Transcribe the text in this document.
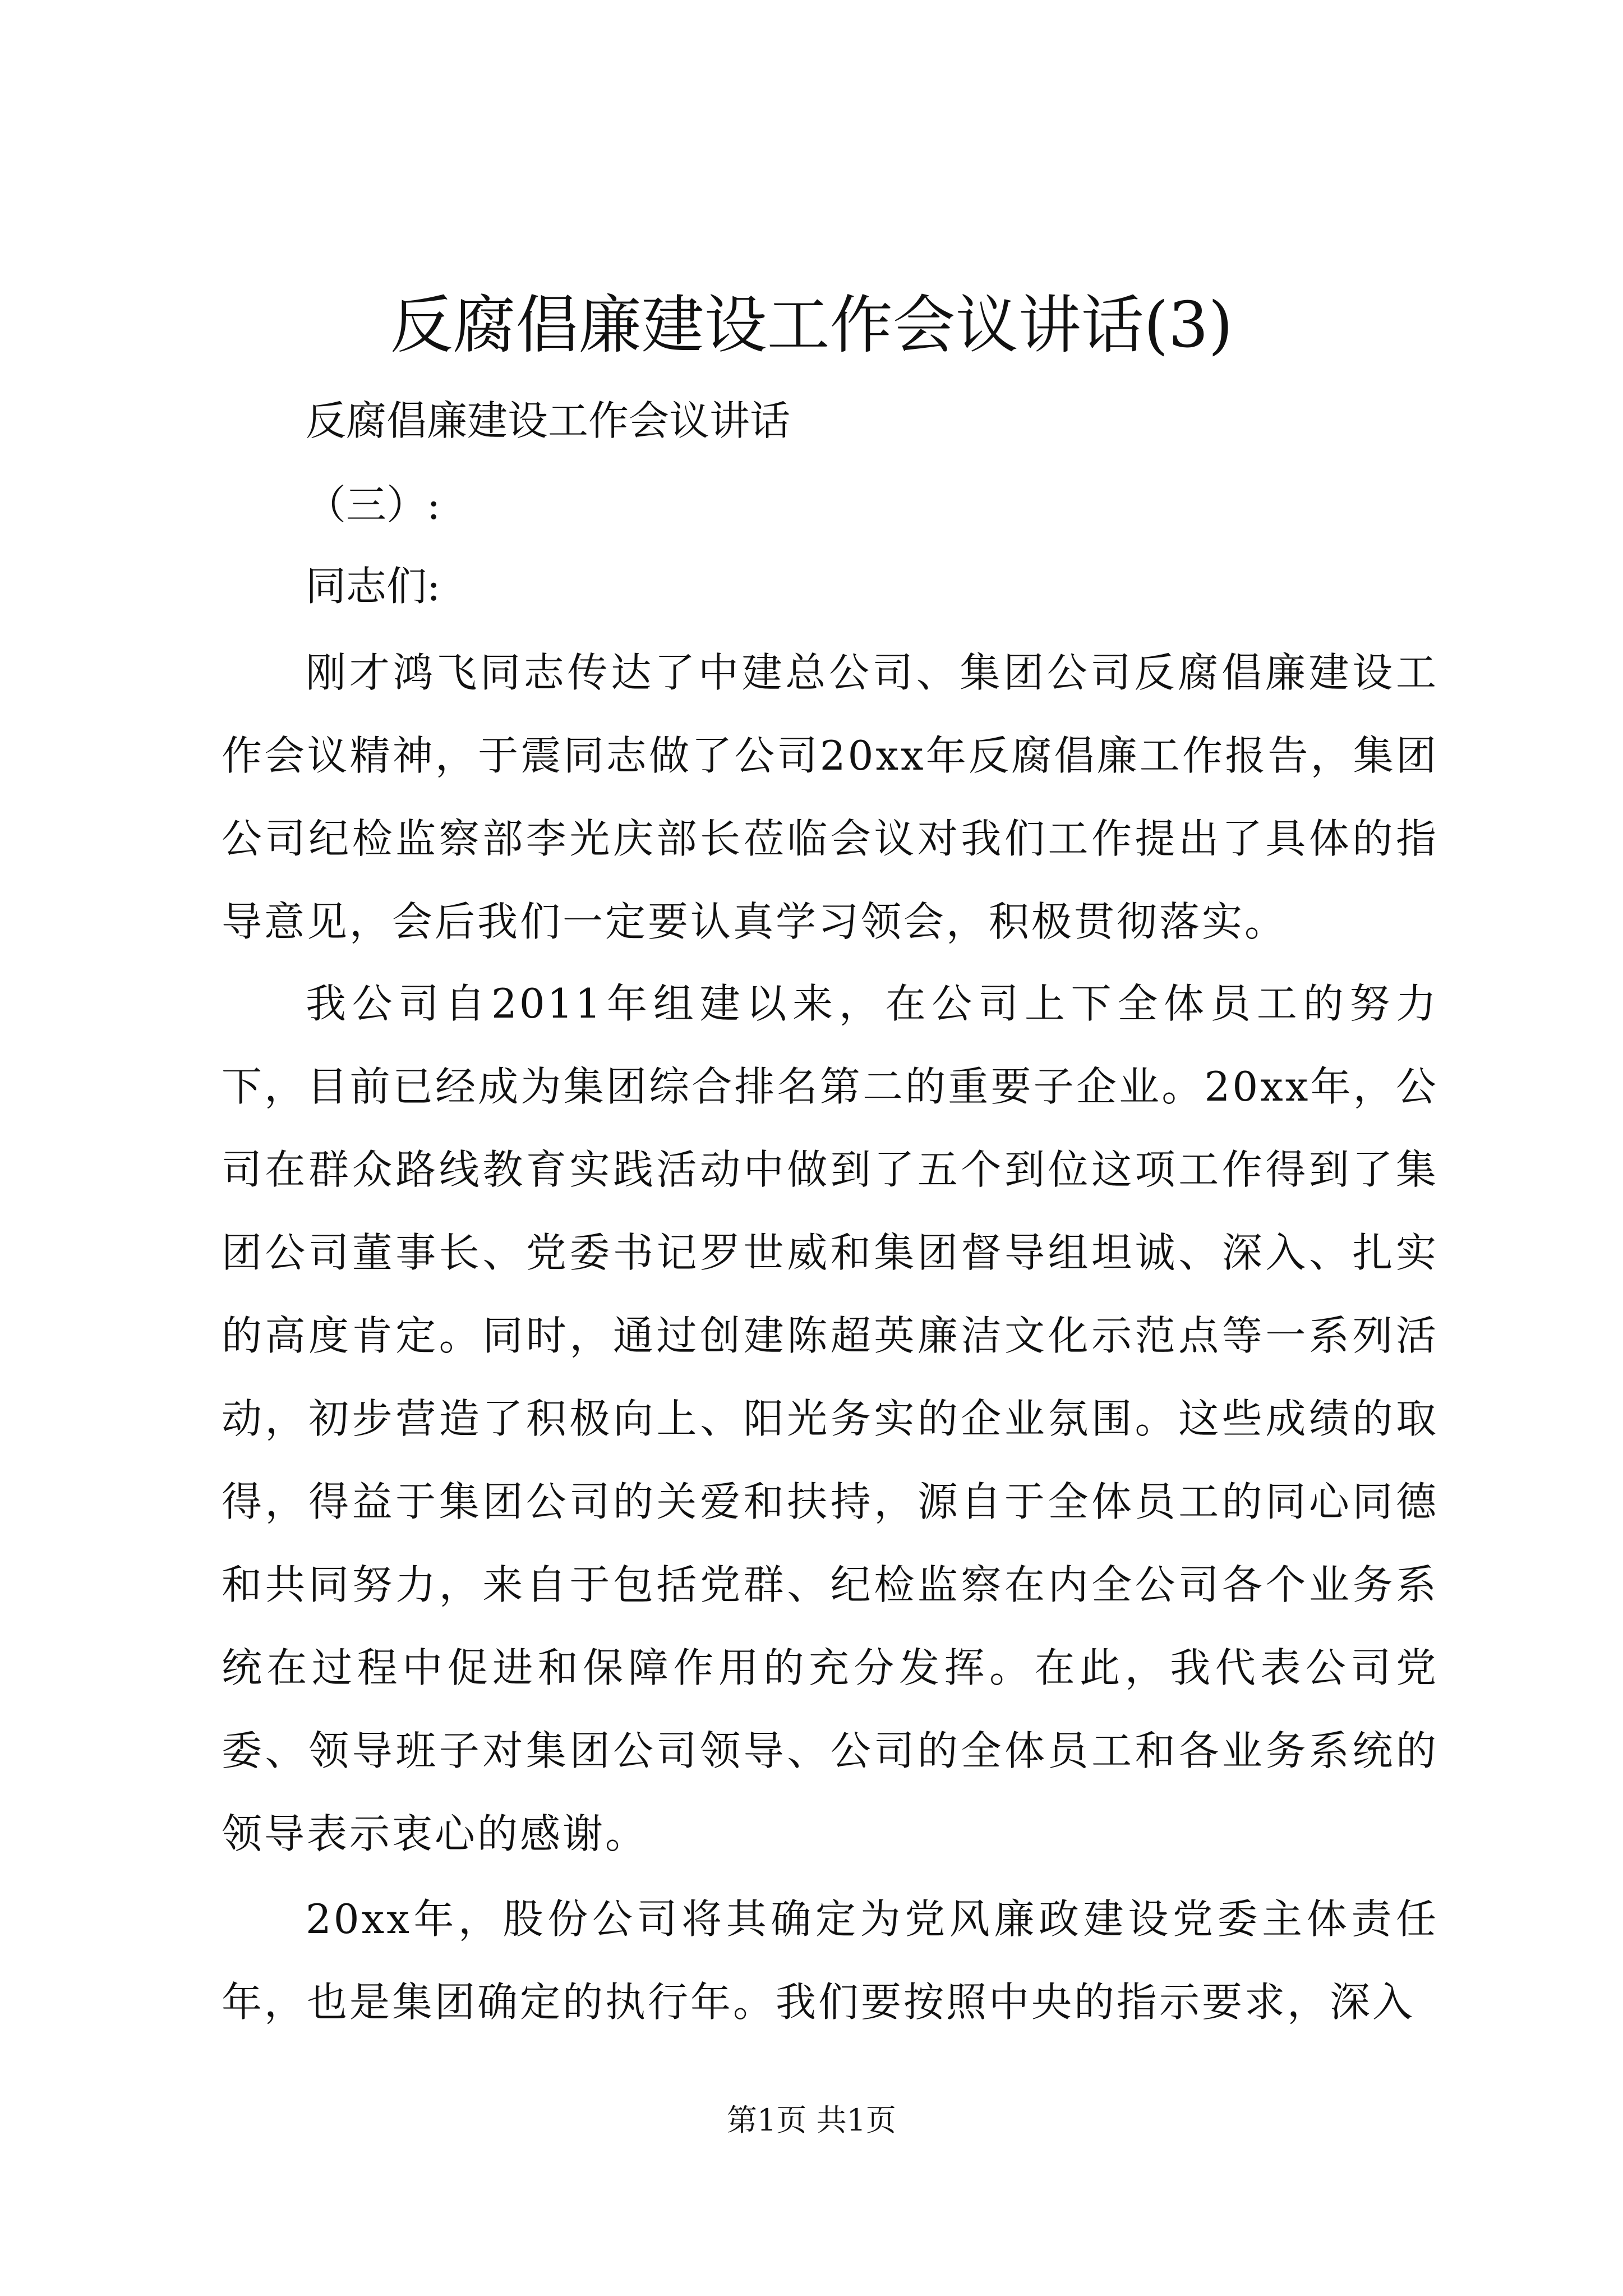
反腐倡廉建设工作会议讲话(3)

反腐倡廉建设工作会议讲话

（三）:

同志们:

刚才鸿飞同志传达了中建总公司、集团公司反腐倡廉建设工作会议精神，于震同志做了公司20xx年反腐倡廉工作报告，集团公司纪检监察部李光庆部长莅临会议对我们工作提出了具体的指导意见，会后我们一定要认真学习领会，积极贯彻落实。

我公司自2011年组建以来，在公司上下全体员工的努力下，目前已经成为集团综合排名第二的重要子企业。20xx年，公司在群众路线教育实践活动中做到了五个到位这项工作得到了集团公司董事长、党委书记罗世威和集团督导组坦诚、深入、扎实的高度肯定。同时，通过创建陈超英廉洁文化示范点等一系列活动，初步营造了积极向上、阳光务实的企业氛围。这些成绩的取得，得益于集团公司的关爱和扶持，源自于全体员工的同心同德和共同努力，来自于包括党群、纪检监察在内全公司各个业务系统在过程中促进和保障作用的充分发挥。在此，我代表公司党委、领导班子对集团公司领导、公司的全体员工和各业务系统的领导表示衷心的感谢。

20xx年，股份公司将其确定为党风廉政建设党委主体责任年，也是集团确定的执行年。我们要按照中央的指示要求，深入

第1页 共1页
